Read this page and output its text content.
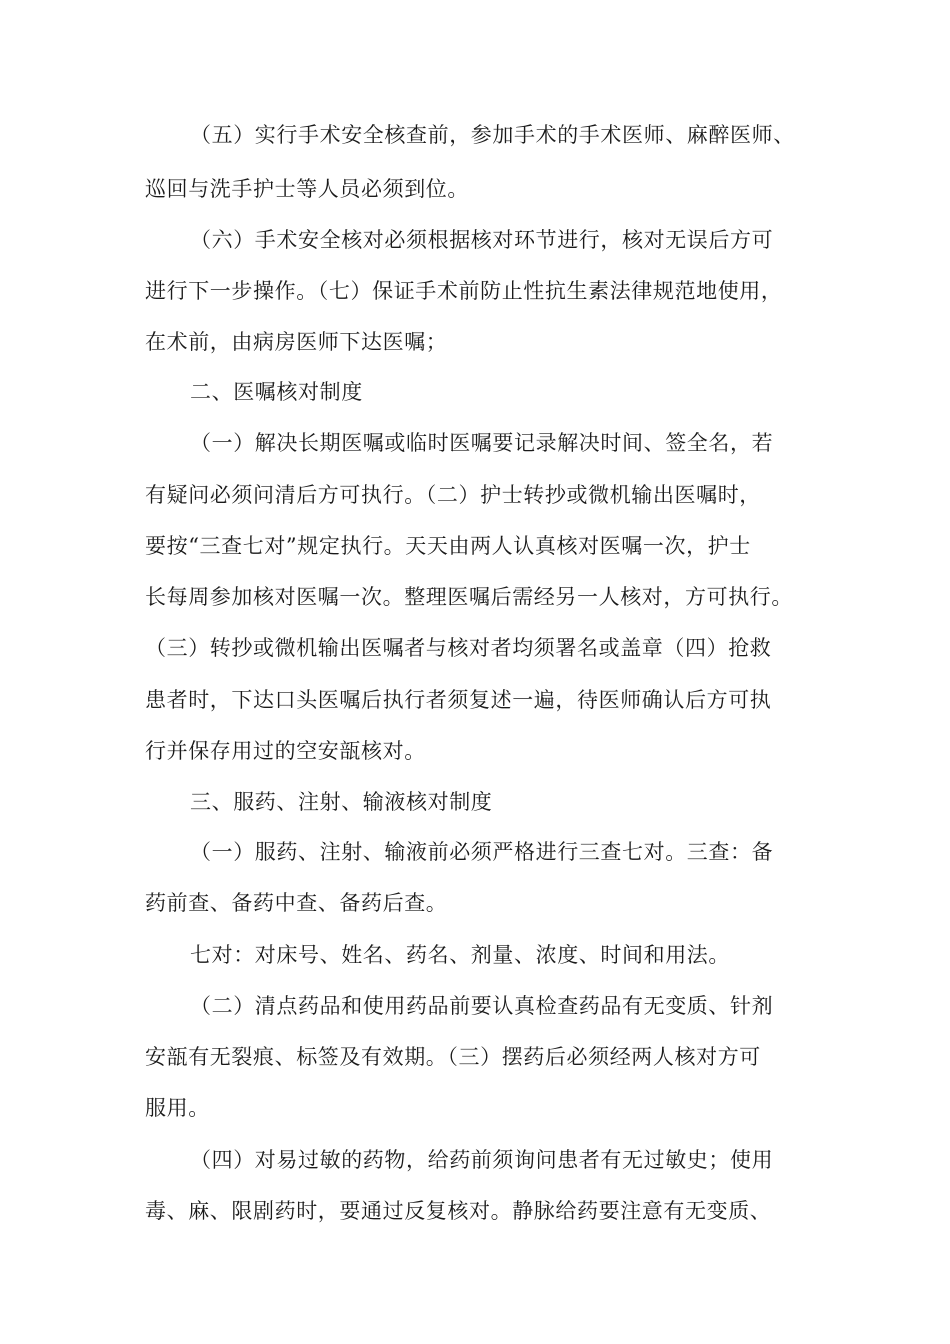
（五）实行手术安全核查前，参加手术的手术医师、麻醉医师、
巡回与洗手护士等人员必须到位。
（六）手术安全核对必须根据核对环节进行，核对无误后方可
进行下一步操作。（七）保证手术前防止性抗生素法律规范地使用，
在术前，由病房医师下达医嘱；
二、医嘱核对制度
（一）解决长期医嘱或临时医嘱要记录解决时间、签全名，若
有疑问必须问清后方可执行。（二）护士转抄或微机输出医嘱时，
要按“三查七对”规定执行。天天由两人认真核对医嘱一次，护士
长每周参加核对医嘱一次。整理医嘱后需经另一人核对，方可执行。
（三）转抄或微机输出医嘱者与核对者均须署名或盖章（四）抢救
患者时，下达口头医嘱后执行者须复述一遍，待医师确认后方可执
行并保存用过的空安瓿核对。
三、服药、注射、输液核对制度
（一）服药、注射、输液前必须严格进行三查七对。三查：备
药前查、备药中查、备药后查。
七对：对床号、姓名、药名、剂量、浓度、时间和用法。
（二）清点药品和使用药品前要认真检查药品有无变质、针剂
安瓿有无裂痕、标签及有效期。（三）摆药后必须经两人核对方可
服用。
（四）对易过敏的药物，给药前须询问患者有无过敏史；使用
毒、麻、限剧药时，要通过反复核对。静脉给药要注意有无变质、
